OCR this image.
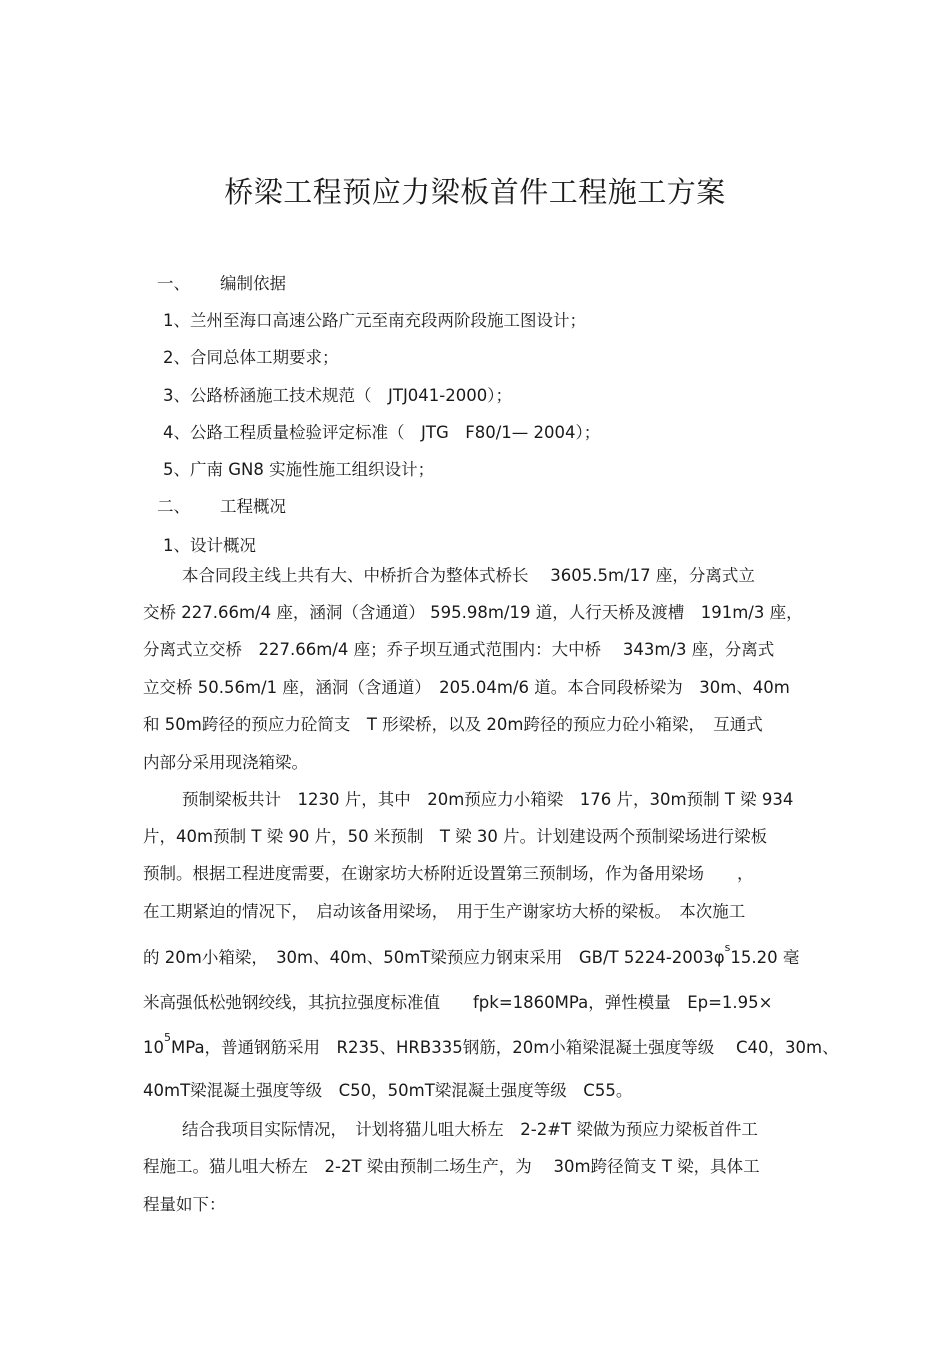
桥梁工程预应力梁板首件工程施工方案
一、 编制依据
1、兰州至海口高速公路广元至南充段两阶段施工图设计；
2、合同总体工期要求；
3、公路桥涵施工技术规范（　JTJ041-2000）；
4、公路工程质量检验评定标准（　JTG　F80/1— 2004）；
5、广南 GN8 实施性施工组织设计；
二、 工程概况
1、设计概况
本合同段主线上共有大、中桥折合为整体式桥长　 3605.5m/17 座，分离式立
交桥 227.66m/4 座，涵洞（含通道） 595.98m/19 道，人行天桥及渡槽　191m/3 座，
分离式立交桥　227.66m/4 座；乔子坝互通式范围内：大中桥　 343m/3 座，分离式
立交桥 50.56m/1 座，涵洞（含通道）　205.04m/6 道。本合同段桥梁为　30m、40m
和 50m跨径的预应力砼简支　T 形梁桥，以及 20m跨径的预应力砼小箱梁，　互通式
内部分采用现浇箱梁。
预制梁板共计　1230 片，其中　20m预应力小箱梁　176 片，30m预制 T 梁 934
片，40m预制 T 梁 90 片，50 米预制　T 梁 30 片。计划建设两个预制梁场进行梁板
预制。根据工程进度需要，在谢家坊大桥附近设置第三预制场，作为备用梁场　　，
在工期紧迫的情况下，　启动该备用梁场，　用于生产谢家坊大桥的梁板。　本次施工
的 20m小箱梁，　30m、40m、50mT梁预应力钢束采用　GB/T $5224-2003\varphi^s15.20$ 毫
米高强低松弛钢绞线，其抗拉强度标准值　　fpk=1860MPa，弹性模量　Ep=1.95×
$10^5MPa$，普通钢筋采用　R235、HRB335钢筋，20m小箱梁混凝土强度等级　 C40，30m、
40mT梁混凝土强度等级　C50，50mT梁混凝土强度等级　C55。
结合我项目实际情况，　计划将猫儿咀大桥左　2-2#T 梁做为预应力梁板首件工
程施工。猫儿咀大桥左　2-2T 梁由预制二场生产，为　 30m跨径简支 T 梁，具体工
程量如下：
